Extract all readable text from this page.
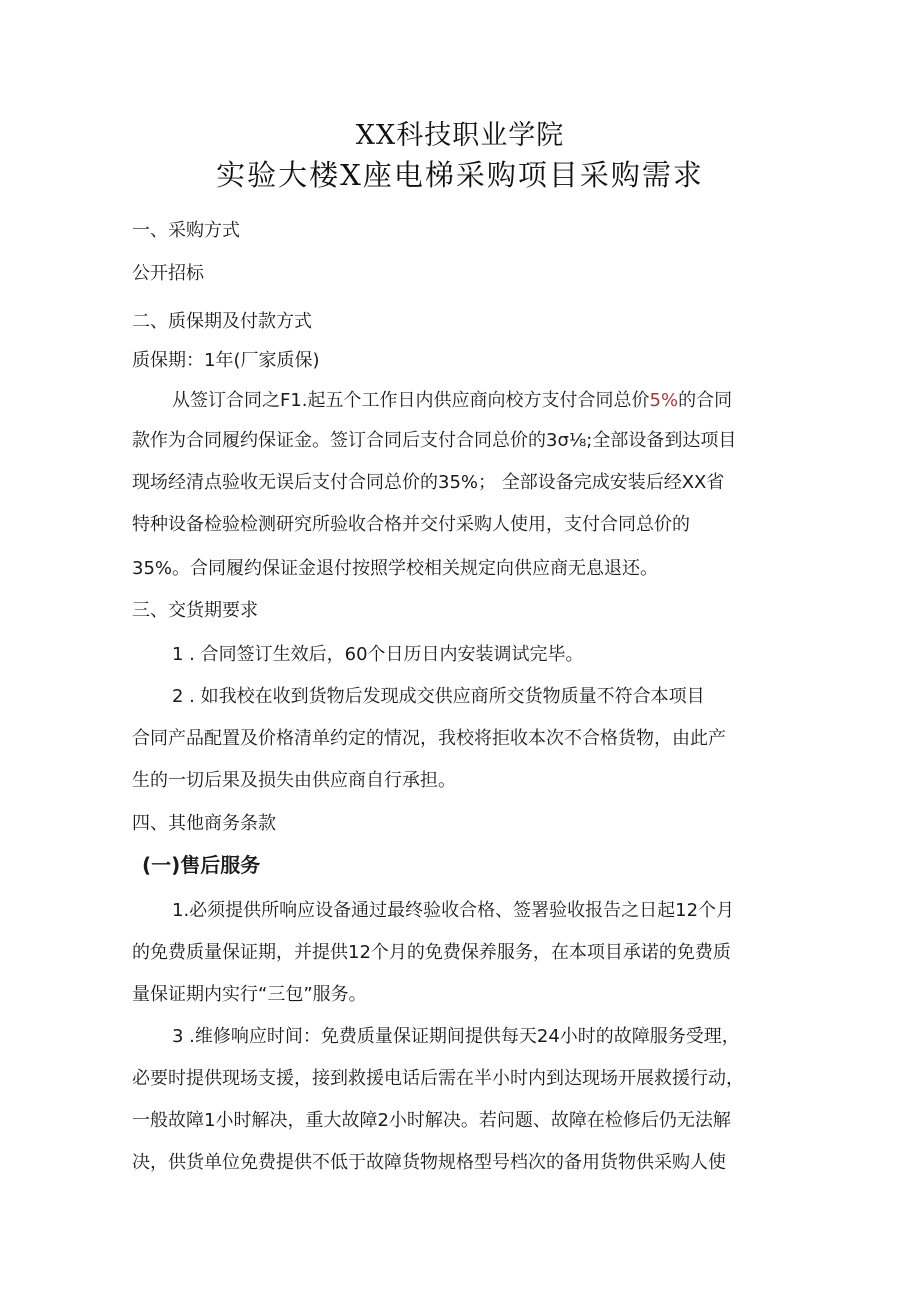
XX科技职业学院
实验大楼X座电梯采购项目采购需求
一、采购方式
公开招标
二、质保期及付款方式
质保期：1年(厂家质保)
从签订合同之F1.起五个工作日内供应商向校方支付合同总价5%的合同
款作为合同履约保证金。签订合同后支付合同总价的3σ⅛;全部设备到达项目
现场经清点验收无误后支付合同总价的35%； 全部设备完成安装后经XX省
特种设备检验检测研究所验收合格并交付采购人使用，支付合同总价的
35%。合同履约保证金退付按照学校相关规定向供应商无息退还。
三、交货期要求
1 . 合同签订生效后，60个日历日内安装调试完毕。
2 . 如我校在收到货物后发现成交供应商所交货物质量不符合本项目
合同产品配置及价格清单约定的情况，我校将拒收本次不合格货物，由此产
生的一切后果及损失由供应商自行承担。
四、其他商务条款
(一)售后服务
1.必须提供所响应设备通过最终验收合格、签署验收报告之日起12个月
的免费质量保证期，并提供12个月的免费保养服务，在本项目承诺的免费质
量保证期内实行“三包”服务。
3 .维修响应时间：免费质量保证期间提供每天24小时的故障服务受理，
必要时提供现场支援，接到救援电话后需在半小时内到达现场开展救援行动，
一般故障1小时解决，重大故障2小时解决。若问题、故障在检修后仍无法解
决，供货单位免费提供不低于故障货物规格型号档次的备用货物供采购人使
